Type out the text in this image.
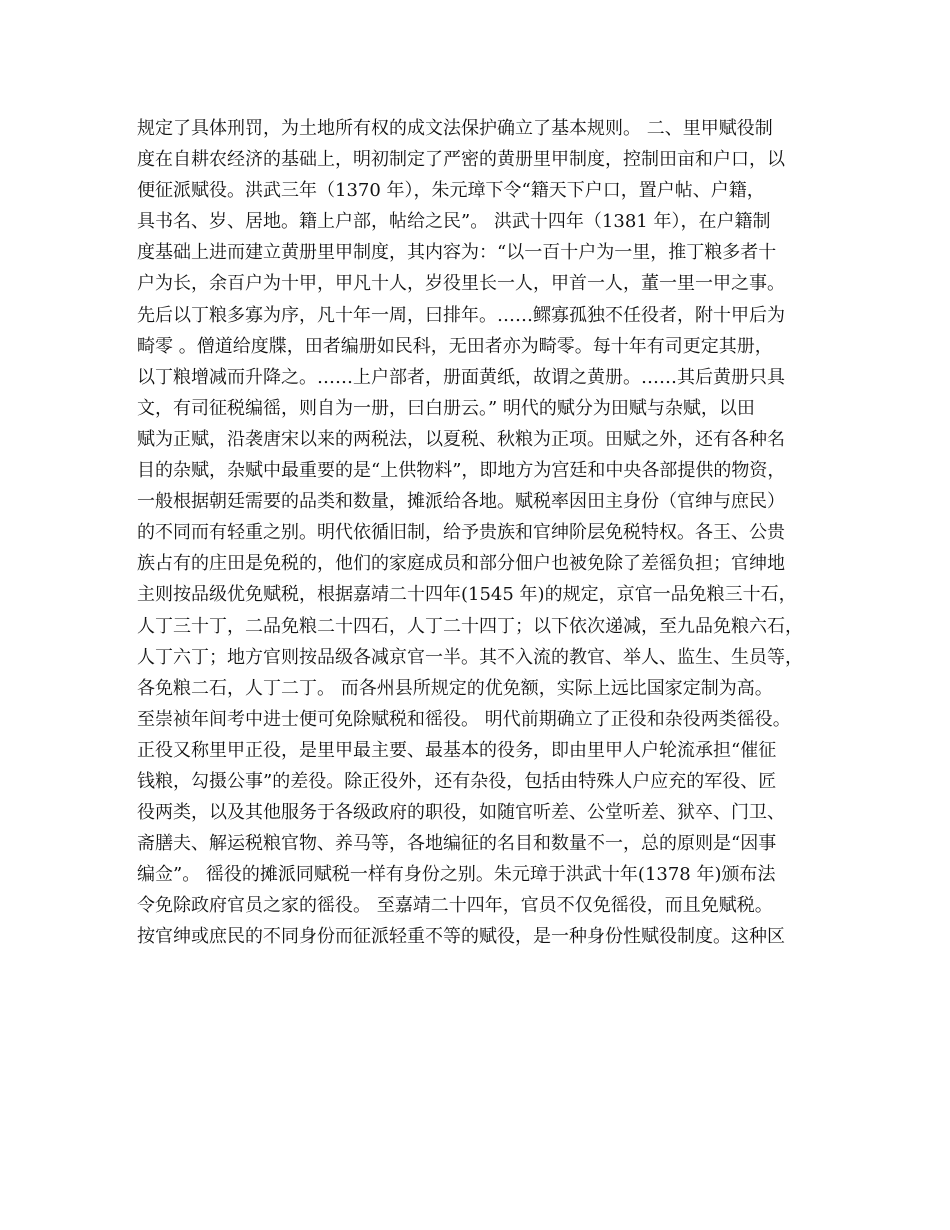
规定了具体刑罚，为土地所有权的成文法保护确立了基本规则。 二、里甲赋役制
度在自耕农经济的基础上，明初制定了严密的黄册里甲制度，控制田亩和户口，以
便征派赋役。洪武三年（1370 年），朱元璋下令“籍天下户口，置户帖、户籍，
具书名、岁、居地。籍上户部，帖给之民”。 洪武十四年（1381 年），在户籍制
度基础上进而建立黄册里甲制度，其内容为：“以一百十户为一里，推丁粮多者十
户为长，余百户为十甲，甲凡十人，岁役里长一人，甲首一人，董一里一甲之事。
先后以丁粮多寡为序，凡十年一周，曰排年。……鳏寡孤独不任役者，附十甲后为
畸零 。僧道给度牒，田者编册如民科，无田者亦为畸零。每十年有司更定其册，
以丁粮增减而升降之。……上户部者，册面黄纸，故谓之黄册。……其后黄册只具
文，有司征税编徭，则自为一册，曰白册云。” 明代的赋分为田赋与杂赋，以田
赋为正赋，沿袭唐宋以来的两税法，以夏税、秋粮为正项。田赋之外，还有各种名
目的杂赋，杂赋中最重要的是“上供物料”，即地方为宫廷和中央各部提供的物资，
一般根据朝廷需要的品类和数量，摊派给各地。赋税率因田主身份（官绅与庶民）
的不同而有轻重之别。明代依循旧制，给予贵族和官绅阶层免税特权。各王、公贵
族占有的庄田是免税的，他们的家庭成员和部分佃户也被免除了差徭负担；官绅地
主则按品级优免赋税，根据嘉靖二十四年(1545 年)的规定，京官一品免粮三十石，
人丁三十丁，二品免粮二十四石，人丁二十四丁；以下依次递减，至九品免粮六石，
人丁六丁；地方官则按品级各减京官一半。其不入流的教官、举人、监生、生员等，
各免粮二石，人丁二丁。 而各州县所规定的优免额，实际上远比国家定制为高。
至崇祯年间考中进士便可免除赋税和徭役。 明代前期确立了正役和杂役两类徭役。
正役又称里甲正役，是里甲最主要、最基本的役务，即由里甲人户轮流承担“催征
钱粮，勾摄公事”的差役。除正役外，还有杂役，包括由特殊人户应充的军役、匠
役两类，以及其他服务于各级政府的职役，如随官听差、公堂听差、狱卒、门卫、
斋膳夫、解运税粮官物、养马等，各地编征的名目和数量不一，总的原则是“因事
编佥”。 徭役的摊派同赋税一样有身份之别。朱元璋于洪武十年(1378 年)颁布法
令免除政府官员之家的徭役。 至嘉靖二十四年，官员不仅免徭役，而且免赋税。
按官绅或庶民的不同身份而征派轻重不等的赋役，是一种身份性赋役制度。这种区
